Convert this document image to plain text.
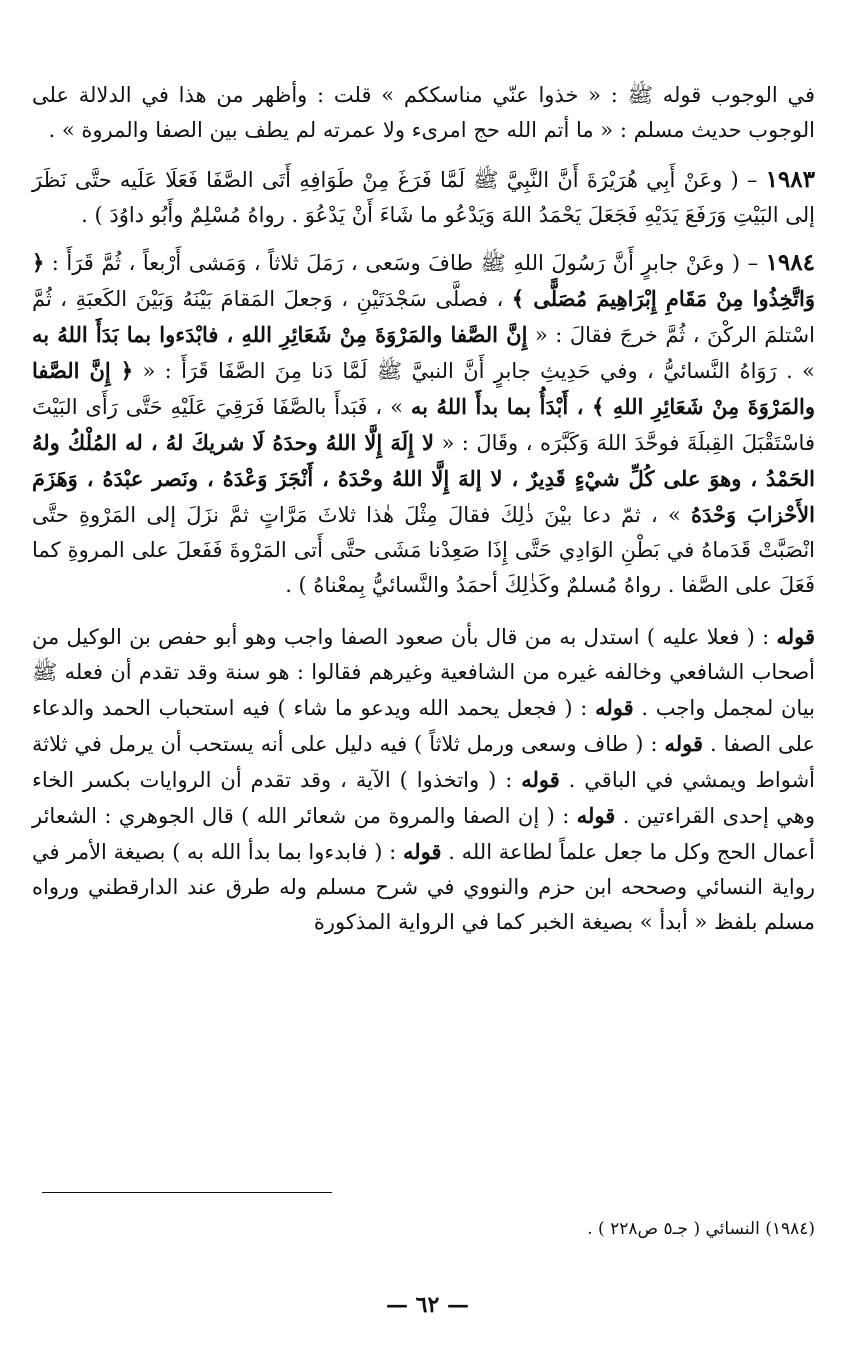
في الوجوب قوله ﷺ : « خذوا عنّي مناسككم » قلت : وأظهر من هذا في الدلالة على الوجوب حديث مسلم : « ما أتم الله حج امرىء ولا عمرته لم يطف بين الصفا والمروة » .

١٩٨٣ – ( وعَنْ أَبِي هُرَيْرَةَ أَنَّ النَّبِيَّ ﷺ لَمَّا فَرَغَ مِنْ طَوَافِهِ أَتَى الصَّفَا فَعَلَا عَلَيه حتَّى نَظَرَ إلى البَيْتِ وَرَفَعَ يَدَيْهِ فَجَعَلَ يَحْمَدُ اللهَ وَيَدْعُو ما شَاءَ أَنْ يَدْعُوَ . رواهُ مُسْلِمٌ وأَبُو داوُدَ ) .

١٩٨٤ – ( وعَنْ جابرٍ أَنَّ رَسُولَ اللهِ ﷺ طافَ وسَعى ، رَمَلَ ثلاثاً ، وَمَشى أَرْبعاً ، ثُمَّ قَرَأَ : ﴿ وَاتَّخِذُوا مِنْ مَقَامِ إِبْرَاهِيمَ مُصَلًّى ﴾ ، فصلَّى سَجْدَتَيْنِ ، وَجعلَ المَقامَ بَيْنَهُ وَبَيْنَ الكَعبَةِ ، ثُمَّ اسْتلمَ الركْنَ ، ثُمَّ خرجَ فقالَ : « إِنَّ الصَّفا والمَرْوَةَ مِنْ شَعَائِرِ اللهِ ، فابْدَءوا بما بَدَأَ اللهُ به » . رَوَاهُ النَّسائيُّ ، وفي حَدِيثِ جابرٍ أَنَّ النبيَّ ﷺ لَمَّا دَنا مِنَ الصَّفَا قَرَأَ : « ﴿ إِنَّ الصَّفا والمَرْوَةَ مِنْ شَعَائِرِ اللهِ ﴾ ، أَبْدَأُ بما بدأَ اللهُ به » ، فَبَدأَ بالصَّفَا فَرَقِيَ عَلَيْهِ حَتَّى رَأَى البَيْتَ فاسْتَقْبَلَ القِبلَةَ فوحَّدَ اللهَ وَكَبَّرَه ، وقَالَ : « لا إِلَهَ إِلَّا اللهُ وحدَهُ لَا شريكَ لهُ ، له المُلْكُ ولهُ الحَمْدُ ، وهوَ على كُلِّ شيْءٍ قَدِيرٌ ، لا إلهَ إِلَّا اللهُ وحْدَهُ ، أَنْجَزَ وَعْدَهُ ، ونَصر عبْدَهُ ، وَهَزَمَ الأَحْزابَ وَحْدَهُ » ، ثمّ دعا بيْنَ ذٰلِكَ فقالَ مِثْلَ هٰذا ثلاثَ مَرَّاتٍ ثمَّ نزَلَ إلى المَرْوةِ حتَّى انْصَبَّتْ قَدَماهُ في بَطْنِ الوَادِي حَتَّى إِذَا صَعِدْنا مَشَى حتَّى أَتى المَرْوةَ فَفَعلَ على المروةِ كما فَعَلَ على الصَّفا . رواهُ مُسلمٌ وكَذٰلِكَ أحمَدُ والنَّسائيُّ بِمعْناهُ ) .

قوله : ( فعلا عليه ) استدل به من قال بأن صعود الصفا واجب وهو أبو حفص بن الوكيل من أصحاب الشافعي وخالفه غيره من الشافعية وغيرهم فقالوا : هو سنة وقد تقدم أن فعله ﷺ بيان لمجمل واجب . قوله : ( فجعل يحمد الله ويدعو ما شاء ) فيه استحباب الحمد والدعاء على الصفا . قوله : ( طاف وسعى ورمل ثلاثاً ) فيه دليل على أنه يستحب أن يرمل في ثلاثة أشواط ويمشي في الباقي . قوله : ( واتخذوا ) الآية ، وقد تقدم أن الروايات بكسر الخاء وهي إحدى القراءتين . قوله : ( إن الصفا والمروة من شعائر الله ) قال الجوهري : الشعائر أعمال الحج وكل ما جعل علماً لطاعة الله . قوله : ( فابدءوا بما بدأ الله به ) بصيغة الأمر في رواية النسائي وصححه ابن حزم والنووي في شرح مسلم وله طرق عند الدارقطني ورواه مسلم بلفظ « أبدأ » بصيغة الخبر كما في الرواية المذكورة

(١٩٨٤) النسائي ( جـ٥ ص٢٢٨ ) .
— ٦٢ —
